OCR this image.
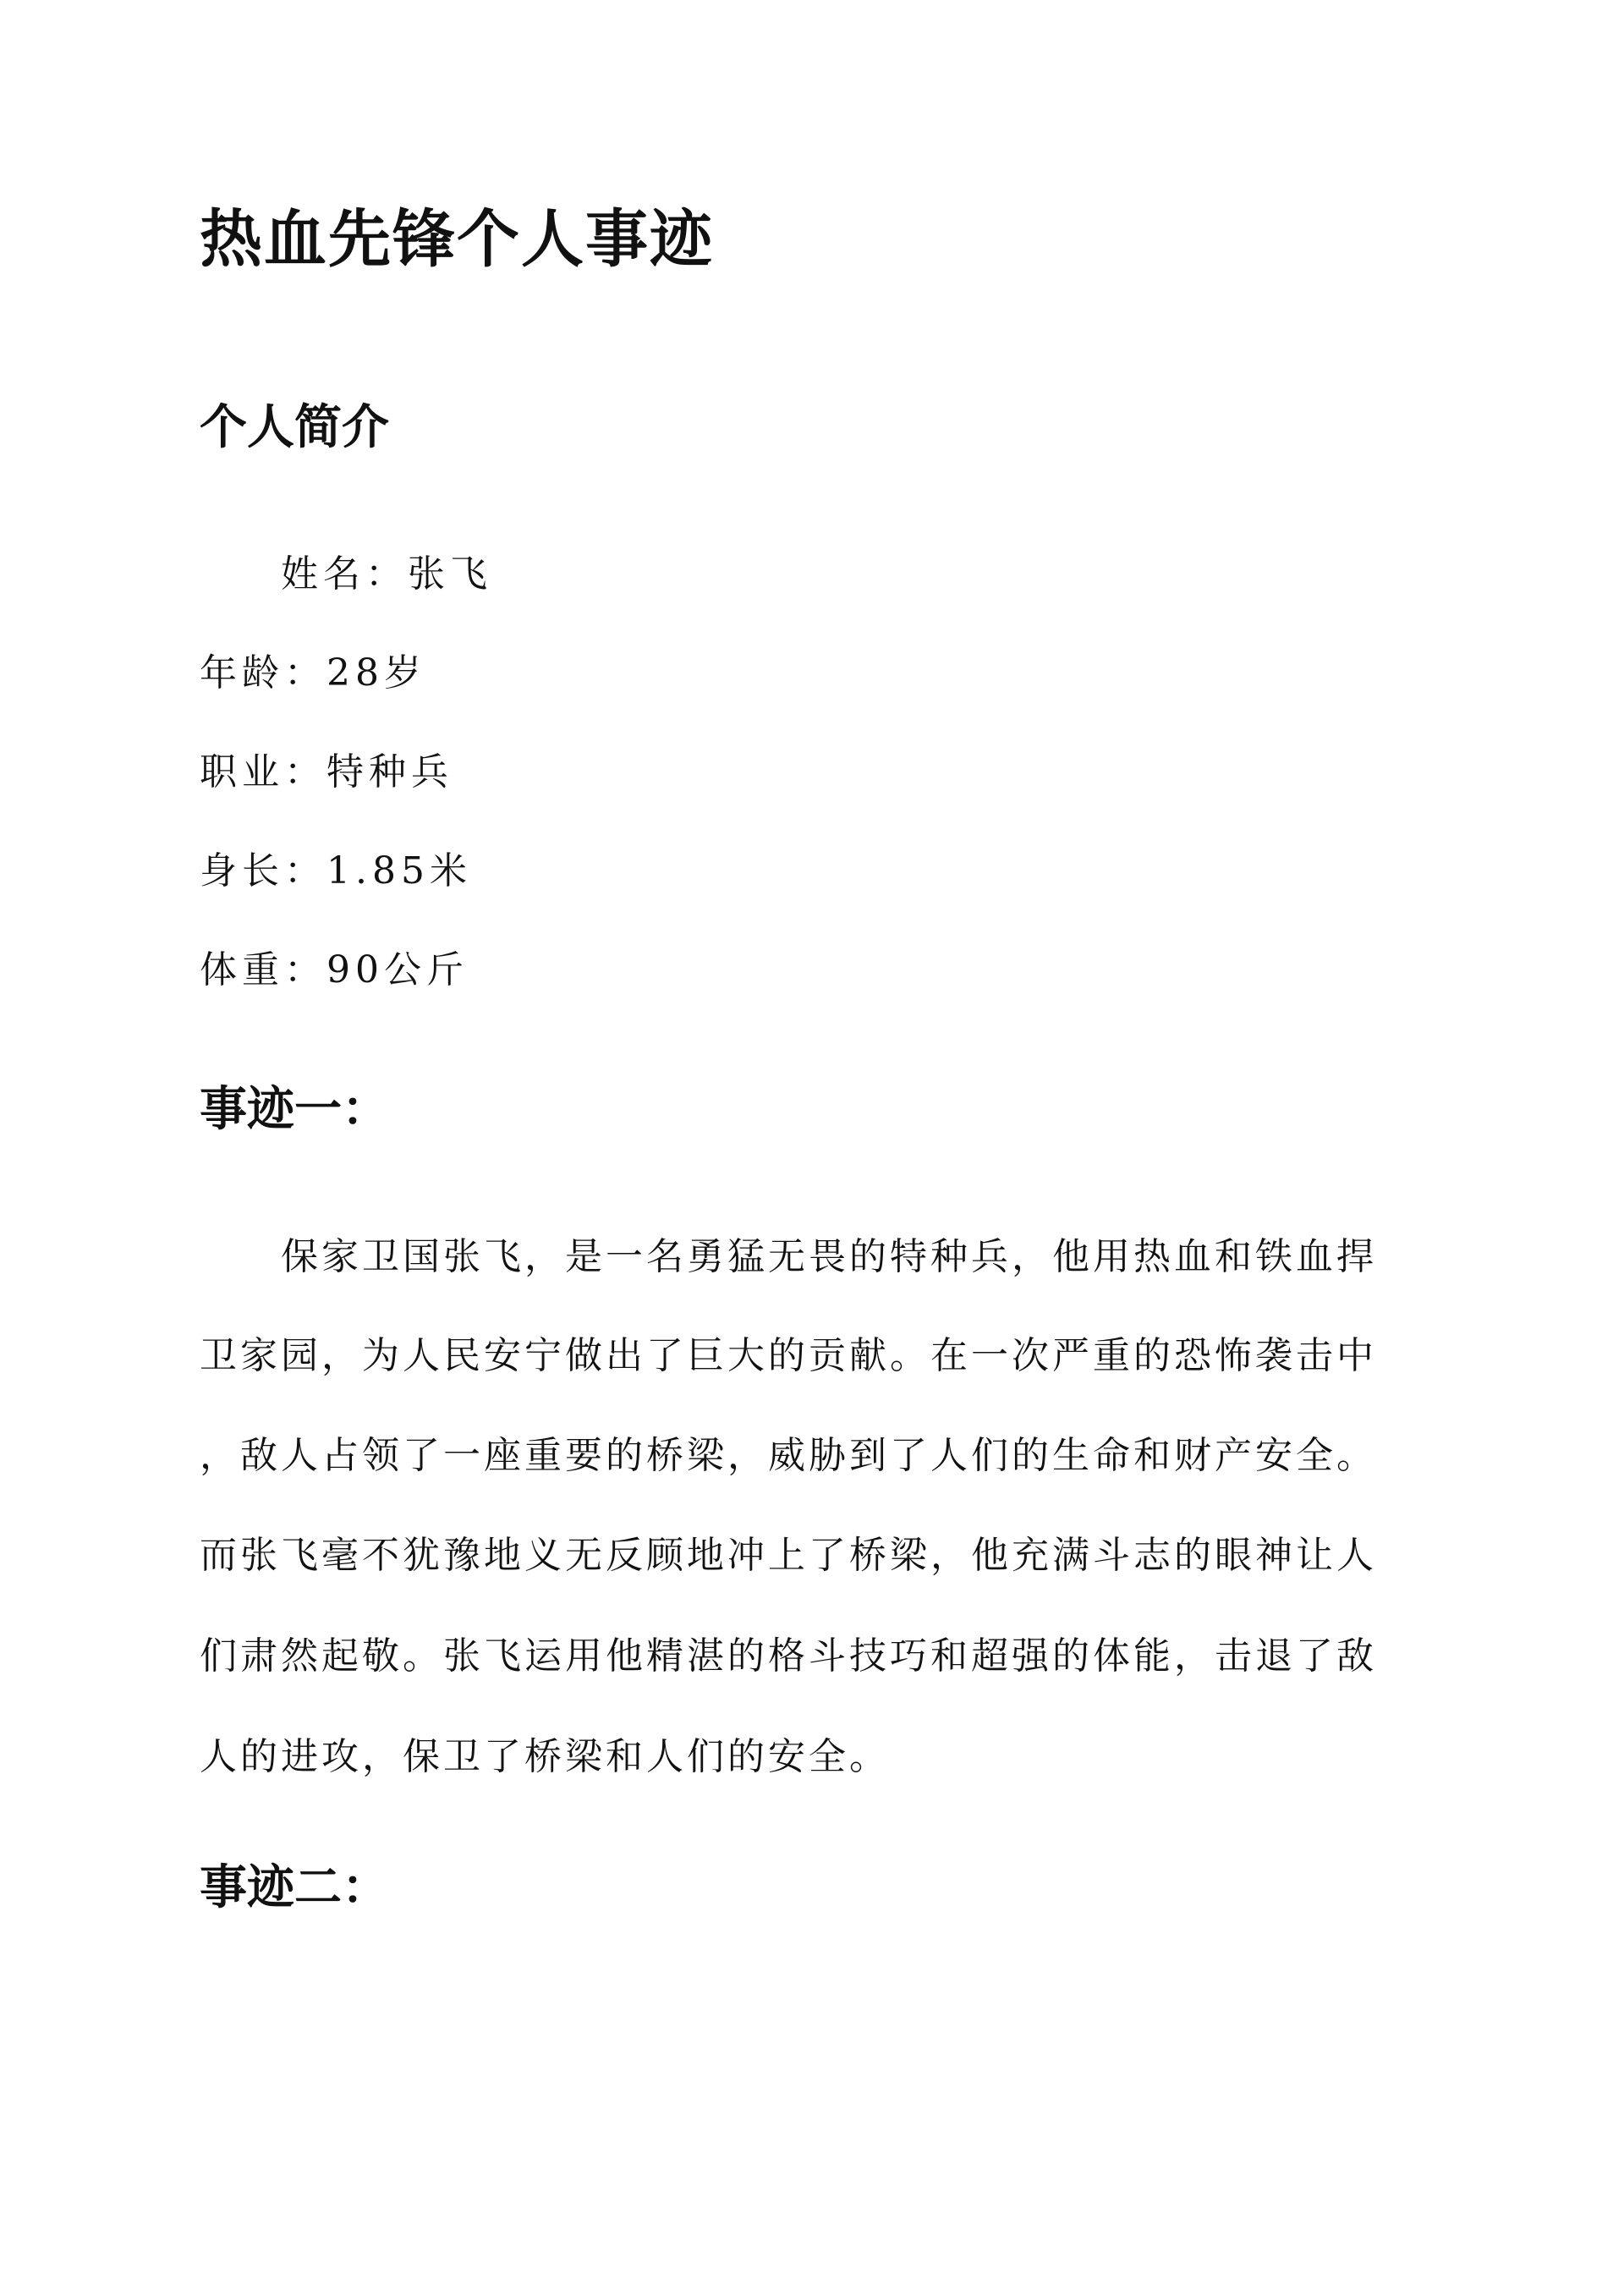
热血先锋个人事迹
个人简介

姓名：张飞

年龄：28岁

职业：特种兵

身长：1.85米

体重：90公斤

事迹一：

保家卫国张飞，是一名勇猛无畏的特种兵，他用热血和铁血捍

卫家园，为人民安宁做出了巨大的贡献。在一次严重的恐怖袭击中

，敌人占领了一座重要的桥梁，威胁到了人们的生命和财产安全。

而张飞毫不犹豫地义无反顾地冲上了桥梁，他充满斗志的眼神让人

们肃然起敬。张飞运用他精湛的格斗技巧和超强的体能，击退了敌

人的进攻，保卫了桥梁和人们的安全。

事迹二：
